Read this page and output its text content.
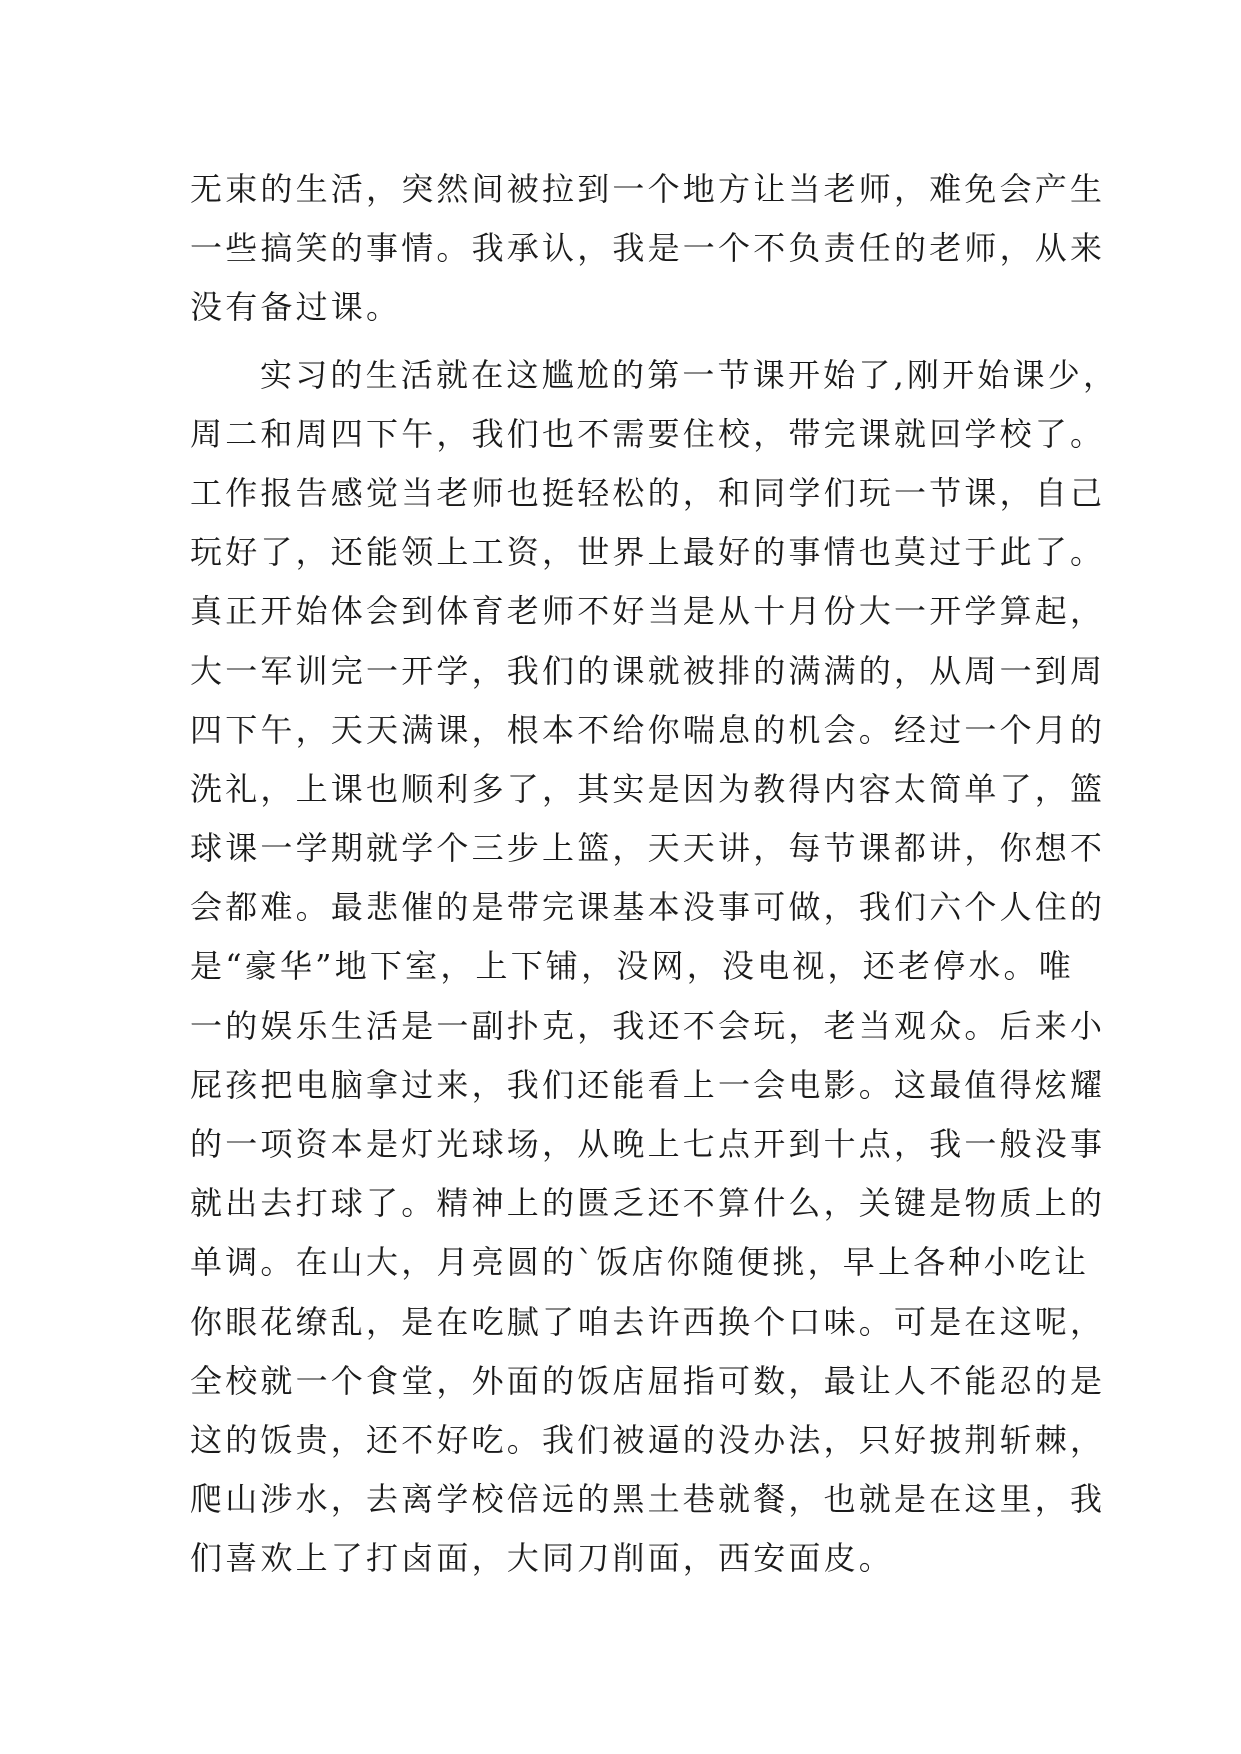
无束的生活，突然间被拉到一个地方让当老师，难免会产生
一些搞笑的事情。我承认，我是一个不负责任的老师，从来
没有备过课。
实习的生活就在这尴尬的第一节课开始了,刚开始课少，
周二和周四下午，我们也不需要住校，带完课就回学校了。
工作报告感觉当老师也挺轻松的，和同学们玩一节课，自己
玩好了，还能领上工资，世界上最好的事情也莫过于此了。
真正开始体会到体育老师不好当是从十月份大一开学算起，
大一军训完一开学，我们的课就被排的满满的，从周一到周
四下午，天天满课，根本不给你喘息的机会。经过一个月的
洗礼，上课也顺利多了，其实是因为教得内容太简单了，篮
球课一学期就学个三步上篮，天天讲，每节课都讲，你想不
会都难。最悲催的是带完课基本没事可做，我们六个人住的
是“豪华”地下室，上下铺，没网，没电视，还老停水。唯
一的娱乐生活是一副扑克，我还不会玩，老当观众。后来小
屁孩把电脑拿过来，我们还能看上一会电影。这最值得炫耀
的一项资本是灯光球场，从晚上七点开到十点，我一般没事
就出去打球了。精神上的匮乏还不算什么，关键是物质上的
单调。在山大，月亮圆的`饭店你随便挑，早上各种小吃让
你眼花缭乱，是在吃腻了咱去许西换个口味。可是在这呢，
全校就一个食堂，外面的饭店屈指可数，最让人不能忍的是
这的饭贵，还不好吃。我们被逼的没办法，只好披荆斩棘，
爬山涉水，去离学校倍远的黑土巷就餐，也就是在这里，我
们喜欢上了打卤面，大同刀削面，西安面皮。
